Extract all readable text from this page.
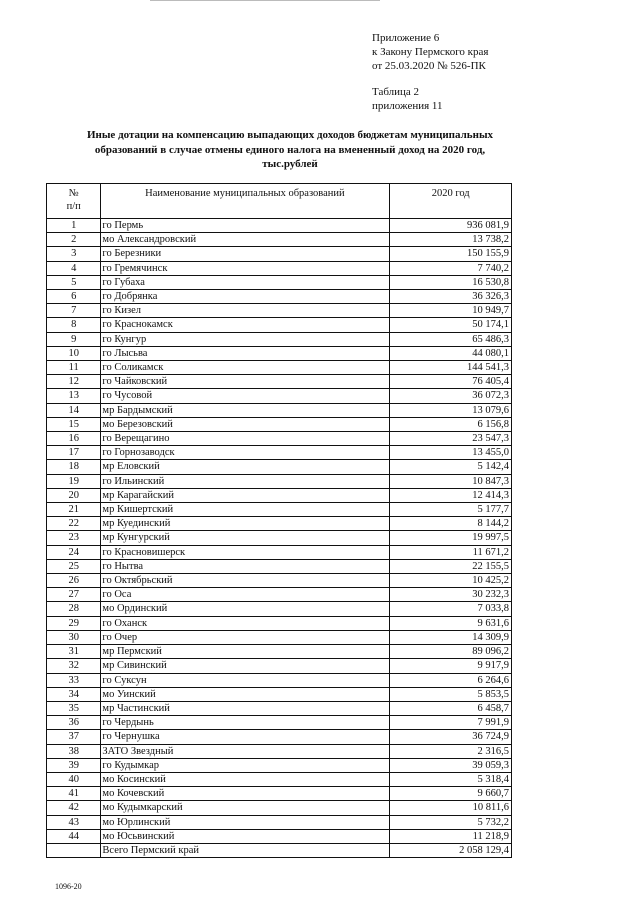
Приложение 6
к Закону Пермского края
от 25.03.2020 № 526-ПК
Таблица 2
приложения 11
Иные дотации на компенсацию выпадающих доходов бюджетам муниципальных
образований в случае отмены единого налога на вмененный доход на 2020 год,
тыс.рублей
№
п/п	Наименование муниципальных образований	2020 год
1	го Пермь	936 081,9
2	мо Александровский	13 738,2
3	го Березники	150 155,9
4	го Гремячинск	7 740,2
5	го Губаха	16 530,8
6	го Добрянка	36 326,3
7	го Кизел	10 949,7
8	го Краснокамск	50 174,1
9	го Кунгур	65 486,3
10	го Лысьва	44 080,1
11	го Соликамск	144 541,3
12	го Чайковский	76 405,4
13	го Чусовой	36 072,3
14	мр Бардымский	13 079,6
15	мо Березовский	6 156,8
16	го Верещагино	23 547,3
17	го Горнозаводск	13 455,0
18	мр Еловский	5 142,4
19	го Ильинский	10 847,3
20	мр Карагайский	12 414,3
21	мр Кишертский	5 177,7
22	мр Куединский	8 144,2
23	мр Кунгурский	19 997,5
24	го Красновишерск	11 671,2
25	го Нытва	22 155,5
26	го Октябрьский	10 425,2
27	го Оса	30 232,3
28	мо Ординский	7 033,8
29	го Оханск	9 631,6
30	го Очер	14 309,9
31	мр Пермский	89 096,2
32	мр Сивинский	9 917,9
33	го Суксун	6 264,6
34	мо Уинский	5 853,5
35	мр Частинский	6 458,7
36	го Чердынь	7 991,9
37	го Чернушка	36 724,9
38	ЗАТО Звездный	2 316,5
39	го Кудымкар	39 059,3
40	мо Косинский	5 318,4
41	мо Кочевский	9 660,7
42	мо Кудымкарский	10 811,6
43	мо Юрлинский	5 732,2
44	мо Юсьвинский	11 218,9
	Всего Пермский край	2 058 129,4
1096-20
